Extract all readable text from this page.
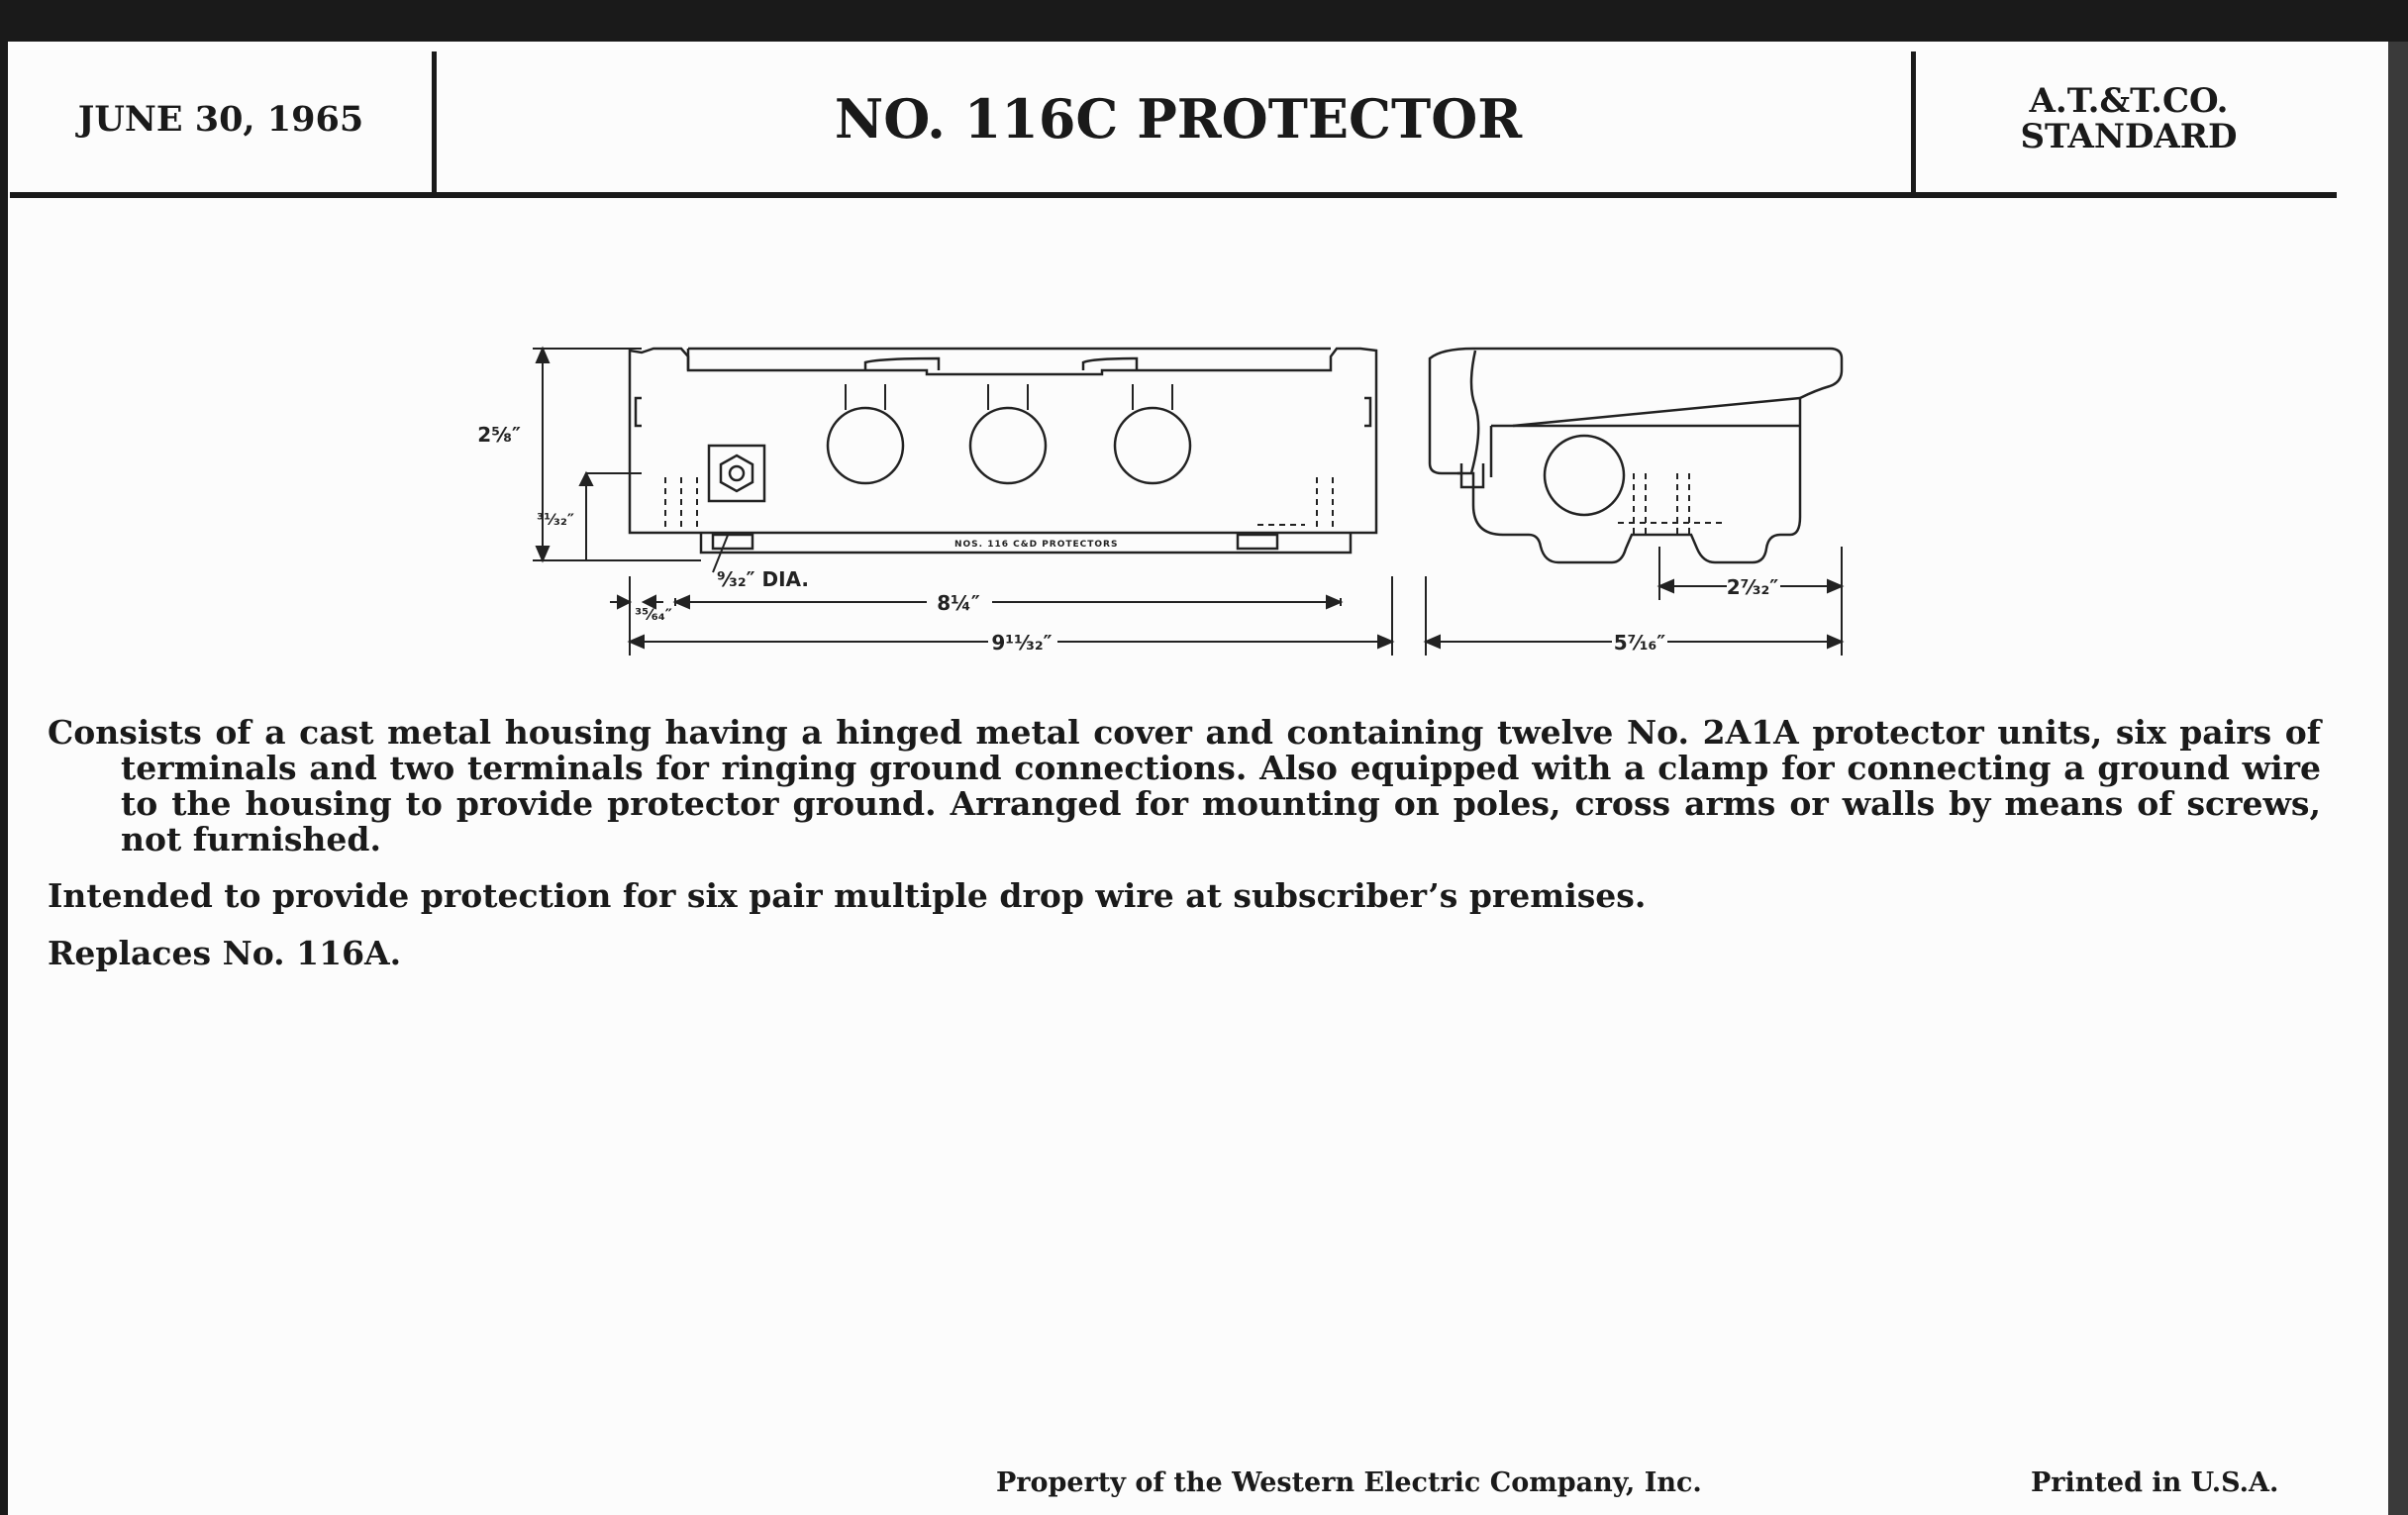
JUNE 30, 1965	NO. 116C PROTECTOR	A.T.&T.CO.
STANDARD
NOS. 116 C&D PROTECTORS
2⁵⁄₈″
³¹⁄₃₂″
⁹⁄₃₂″ DIA.
³⁵⁄₆₄″	8¼″
9¹¹⁄₃₂″	5⁷⁄₁₆″
2⁷⁄₃₂″

Consists of a cast metal housing having a hinged metal cover and containing twelve No. 2A1A protector units, six pairs of terminals and two terminals for ringing ground connections. Also equipped with a clamp for connecting a ground wire to the housing to provide protector ground. Arranged for mounting on poles, cross arms or walls by means of screws, not furnished.

Intended to provide protection for six pair multiple drop wire at subscriber’s premises.

Replaces No. 116A.

Property of the Western Electric Company, Inc.	Printed in U.S.A.
